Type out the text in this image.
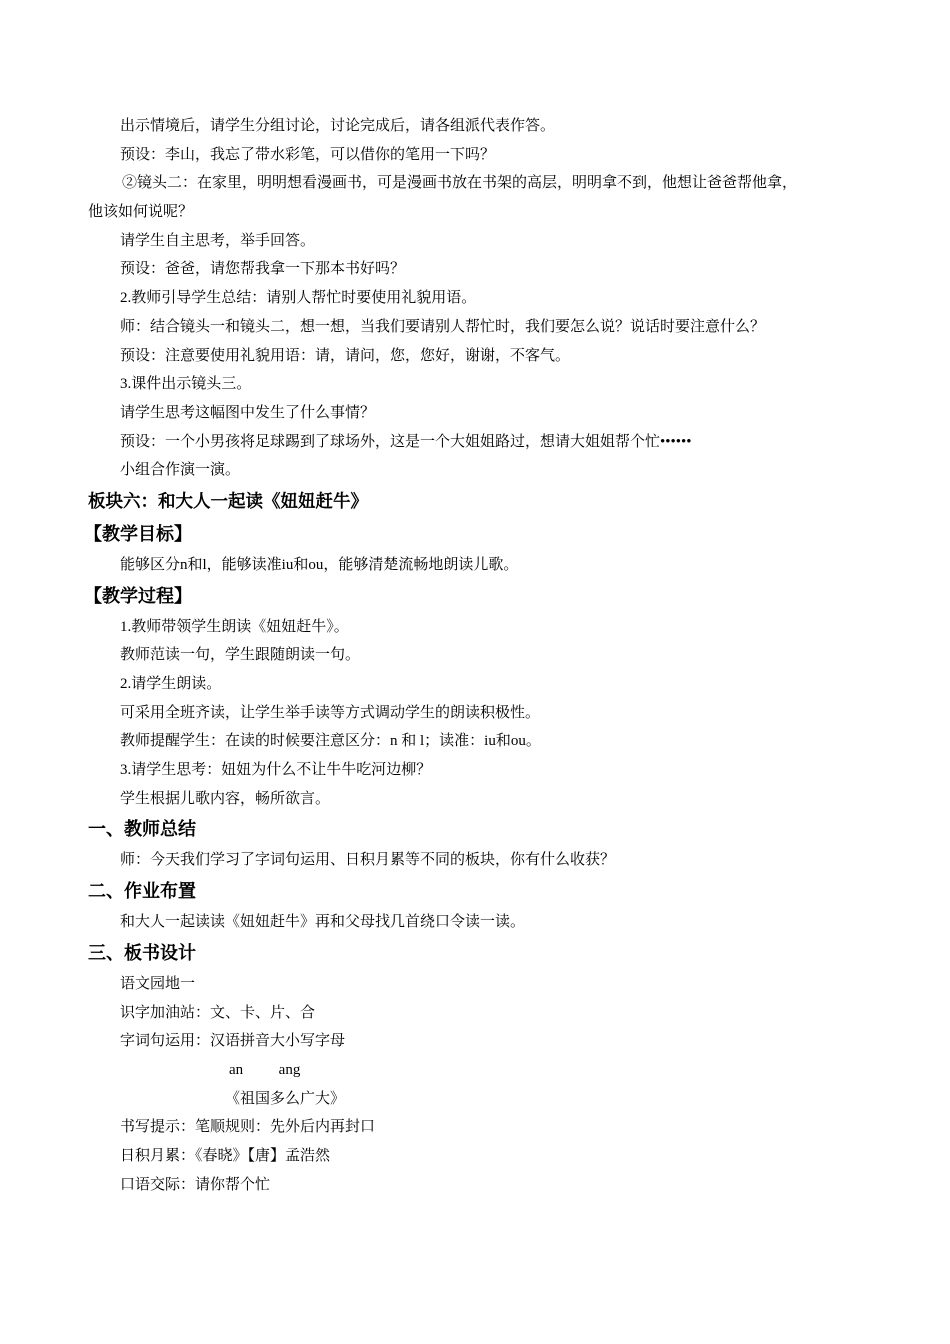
出示情境后，请学生分组讨论，讨论完成后，请各组派代表作答。
预设：李山，我忘了带水彩笔，可以借你的笔用一下吗？
②镜头二：在家里，明明想看漫画书，可是漫画书放在书架的高层，明明拿不到，他想让爸爸帮他拿，
他该如何说呢？
请学生自主思考，举手回答。
预设：爸爸，请您帮我拿一下那本书好吗？
2.教师引导学生总结：请别人帮忙时要使用礼貌用语。
师：结合镜头一和镜头二，想一想，当我们要请别人帮忙时，我们要怎么说？说话时要注意什么？
预设：注意要使用礼貌用语：请，请问，您，您好，谢谢，不客气。
3.课件出示镜头三。
请学生思考这幅图中发生了什么事情？
预设：一个小男孩将足球踢到了球场外，这是一个大姐姐路过，想请大姐姐帮个忙••••••
小组合作演一演。
板块六：和大人一起读《妞妞赶牛》
【教学目标】
能够区分n和l，能够读准iu和ou，能够清楚流畅地朗读儿歌。
【教学过程】
1.教师带领学生朗读《妞妞赶牛》。
教师范读一句，学生跟随朗读一句。
2.请学生朗读。
可采用全班齐读，让学生举手读等方式调动学生的朗读积极性。
教师提醒学生：在读的时候要注意区分：n 和 l；读准：iu和ou。
3.请学生思考：妞妞为什么不让牛牛吃河边柳？
学生根据儿歌内容，畅所欲言。
一、教师总结
师：今天我们学习了字词句运用、日积月累等不同的板块，你有什么收获？
二、作业布置
和大人一起读读《妞妞赶牛》再和父母找几首绕口令读一读。
三、板书设计
语文园地一
识字加油站：文、卡、片、合
字词句运用：汉语拼音大小写字母
an  ang
《祖国多么广大》
书写提示：笔顺规则：先外后内再封口
日积月累：《春晓》【唐】孟浩然
口语交际：请你帮个忙
